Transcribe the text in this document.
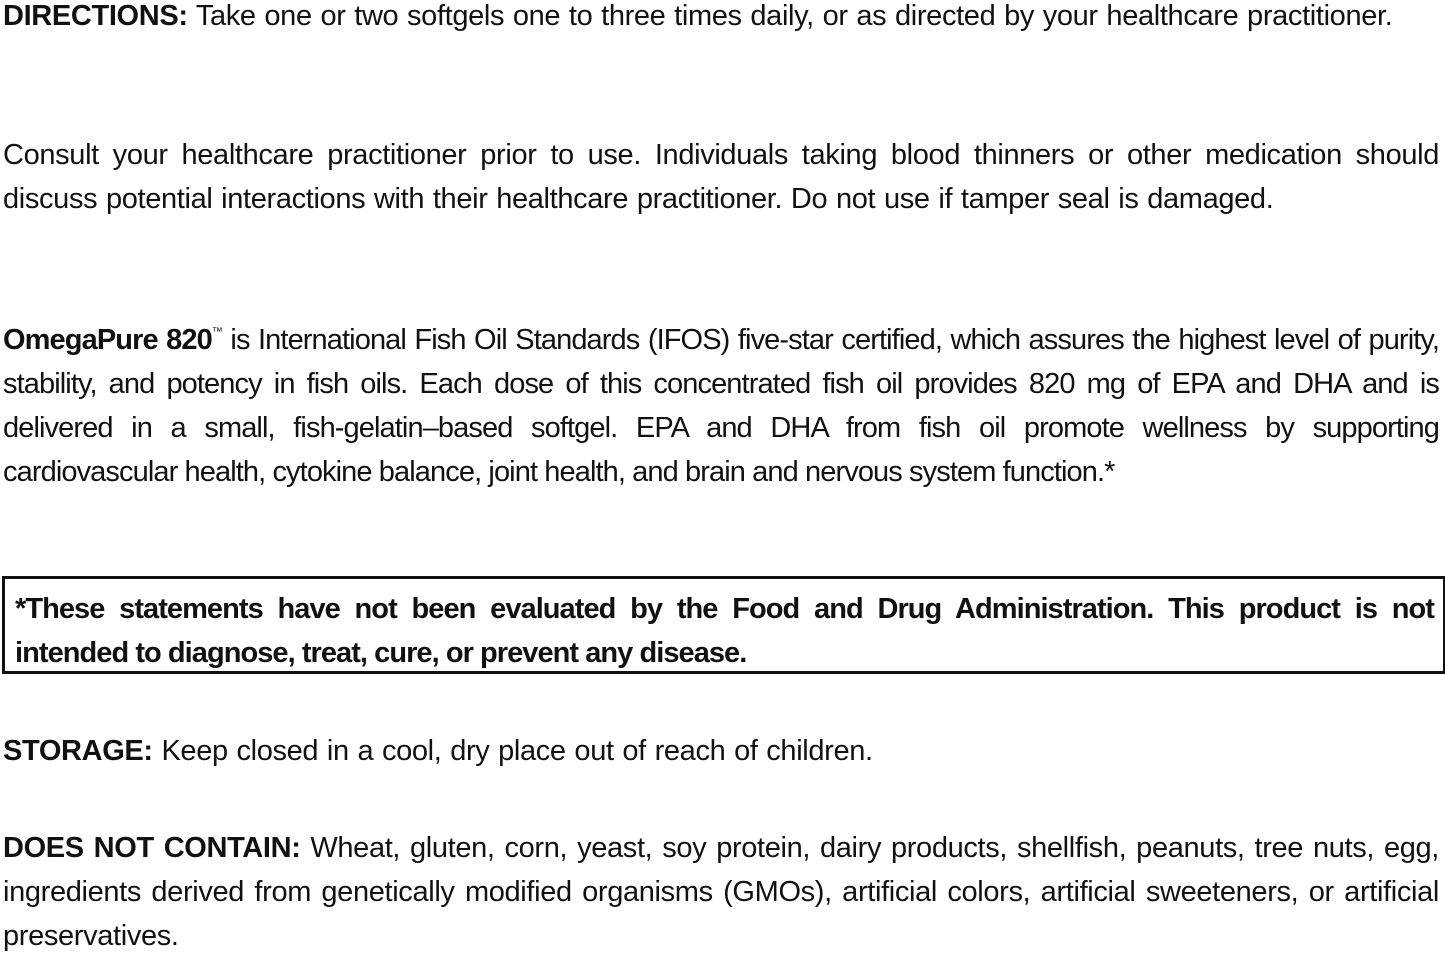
DIRECTIONS: Take one or two softgels one to three times daily, or as directed by your healthcare practitioner.

Consult your healthcare practitioner prior to use. Individuals taking blood thinners or other medication should discuss potential interactions with their healthcare practitioner. Do not use if tamper seal is damaged.

OmegaPure 820™ is International Fish Oil Standards (IFOS) five-star certified, which assures the highest level of purity, stability, and potency in fish oils. Each dose of this concentrated fish oil provides 820 mg of EPA and DHA and is delivered in a small, fish-gelatin–based softgel. EPA and DHA from fish oil promote wellness by supporting cardiovascular health, cytokine balance, joint health, and brain and nervous system function.*

*These statements have not been evaluated by the Food and Drug Administration. This product is not intended to diagnose, treat, cure, or prevent any disease.

STORAGE: Keep closed in a cool, dry place out of reach of children.

DOES NOT CONTAIN: Wheat, gluten, corn, yeast, soy protein, dairy products, shellfish, peanuts, tree nuts, egg, ingredients derived from genetically modified organisms (GMOs), artificial colors, artificial sweeteners, or artificial preservatives.
